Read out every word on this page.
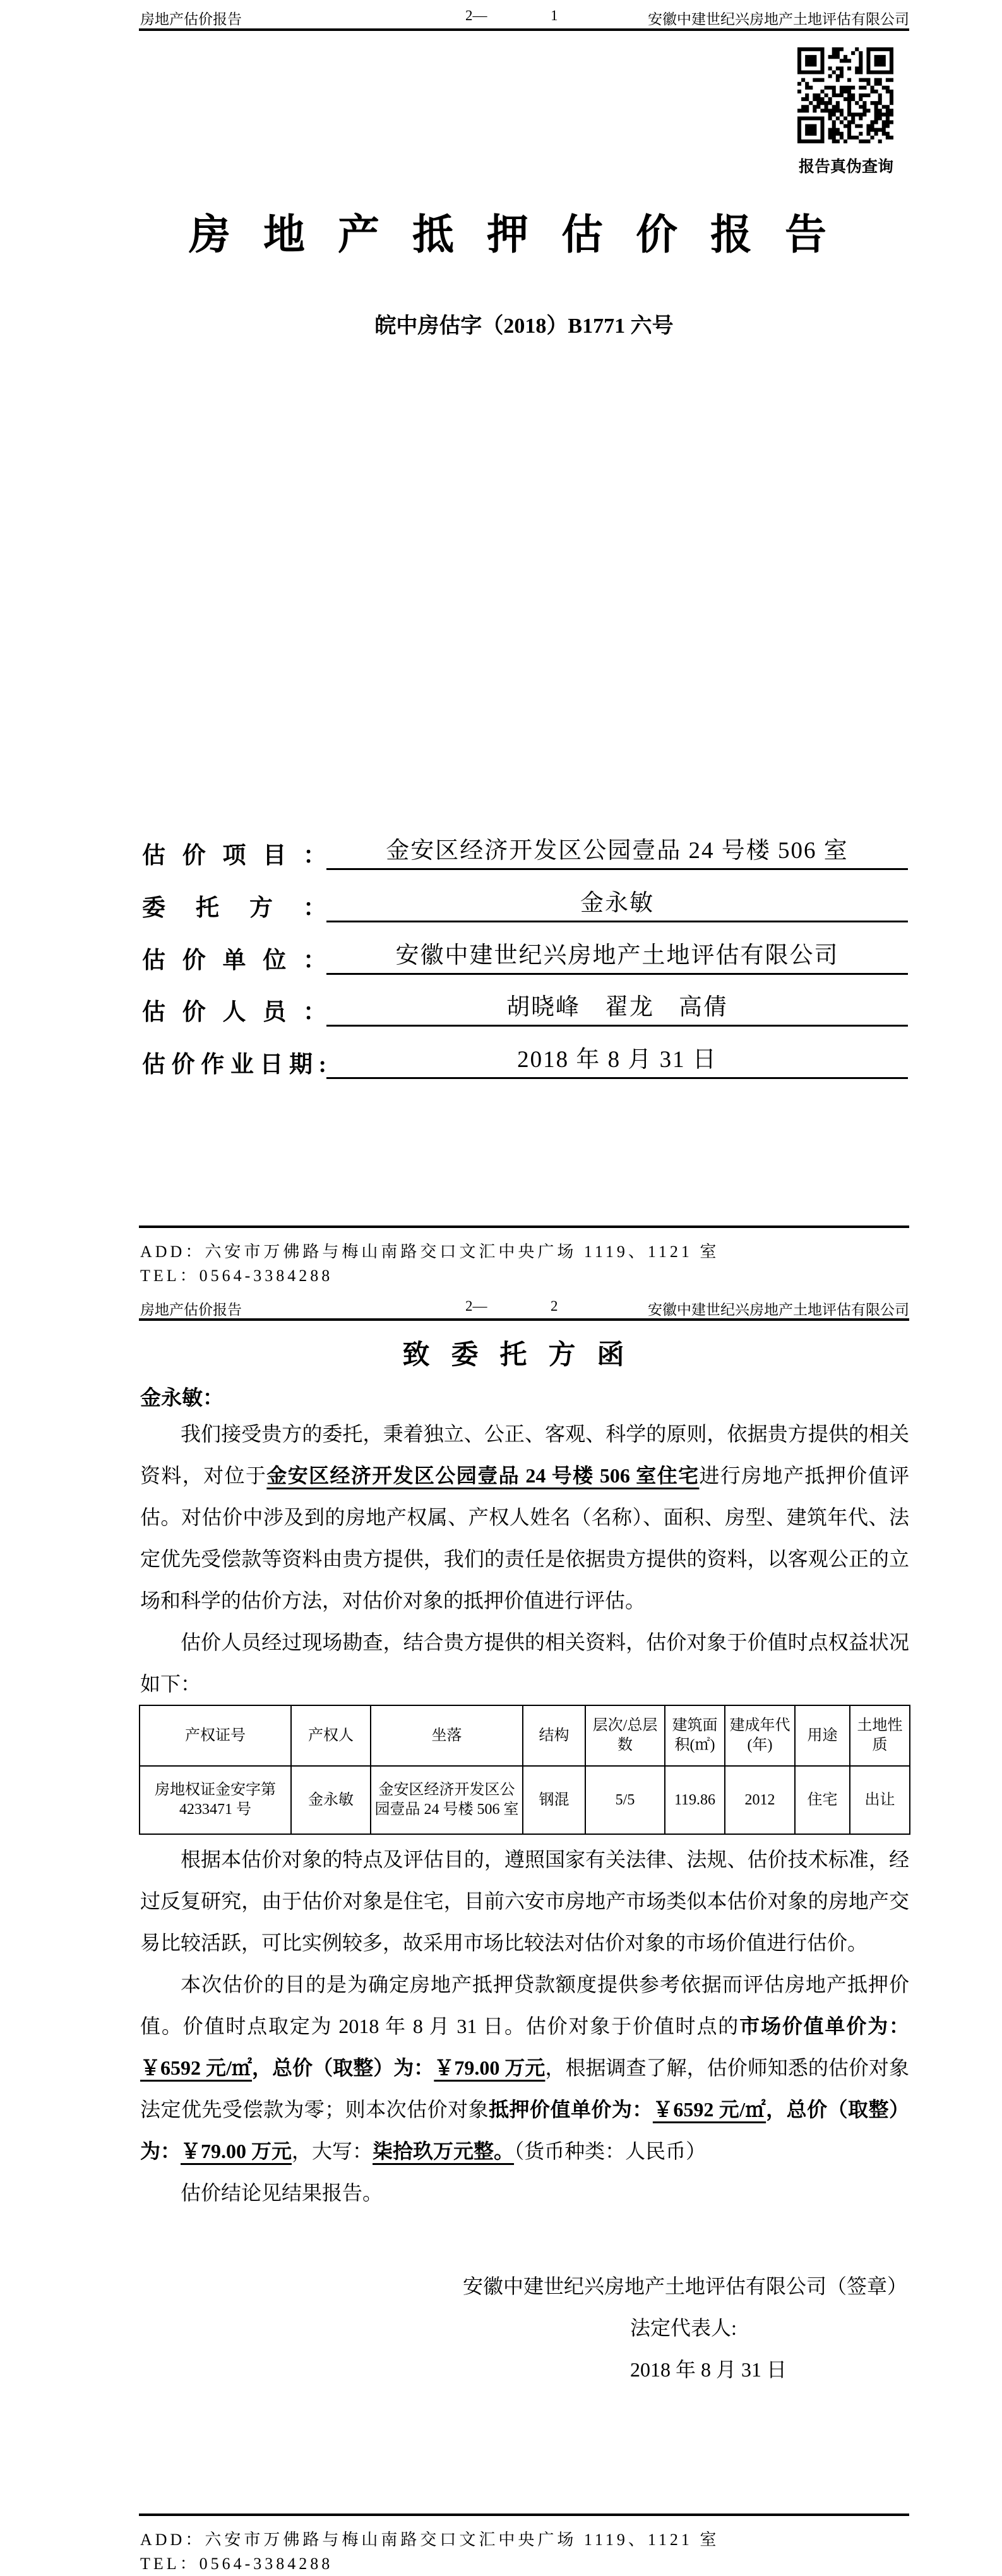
房地产估价报告	2—	1	安徽中建世纪兴房地产土地评估有限公司
报告真伪查询
房地产抵押估价报告
皖中房估字（2018）B1771 六号
估价项目：	金安区经济开发区公园壹品 24 号楼 506 室
委托方：	金永敏
估价单位：	安徽中建世纪兴房地产土地评估有限公司
估价人员：	胡晓峰　翟龙　高倩
估价作业日期:	2018 年 8 月 31 日
ADD：六安市万佛路与梅山南路交口文汇中央广场 1119、1121 室
TEL：0564-3384288
房地产估价报告	2—	2	安徽中建世纪兴房地产土地评估有限公司
致委托方函
金永敏：

我们接受贵方的委托，秉着独立、公正、客观、科学的原则，依据贵方提供的相关资料，对位于金安区经济开发区公园壹品 24 号楼 506 室住宅进行房地产抵押价值评估。对估价中涉及到的房地产权属、产权人姓名（名称）、面积、房型、建筑年代、法定优先受偿款等资料由贵方提供，我们的责任是依据贵方提供的资料，以客观公正的立场和科学的估价方法，对估价对象的抵押价值进行评估。

估价人员经过现场勘查，结合贵方提供的相关资料，估价对象于价值时点权益状况如下：

产权证号	产权人	坐落	结构	层次/总层数	建筑面积(㎡)	建成年代(年)	用途	土地性质
房地权证金安字第4233471 号	金永敏	金安区经济开发区公园壹品 24 号楼 506 室	钢混	5/5	119.86	2012	住宅	出让

根据本估价对象的特点及评估目的，遵照国家有关法律、法规、估价技术标准，经过反复研究，由于估价对象是住宅，目前六安市房地产市场类似本估价对象的房地产交易比较活跃，可比实例较多，故采用市场比较法对估价对象的市场价值进行估价。

本次估价的目的是为确定房地产抵押贷款额度提供参考依据而评估房地产抵押价值。价值时点取定为 2018 年 8 月 31 日。估价对象于价值时点的市场价值单价为：￥6592 元/㎡，总价（取整）为：￥79.00 万元，根据调查了解，估价师知悉的估价对象法定优先受偿款为零；则本次估价对象抵押价值单价为：￥6592 元/㎡，总价（取整）为：￥79.00 万元，大写：柒拾玖万元整。（货币种类：人民币）

估价结论见结果报告。

安徽中建世纪兴房地产土地评估有限公司（签章）
法定代表人:
2018 年 8 月 31 日
ADD：六安市万佛路与梅山南路交口文汇中央广场 1119、1121 室
TEL：0564-3384288
